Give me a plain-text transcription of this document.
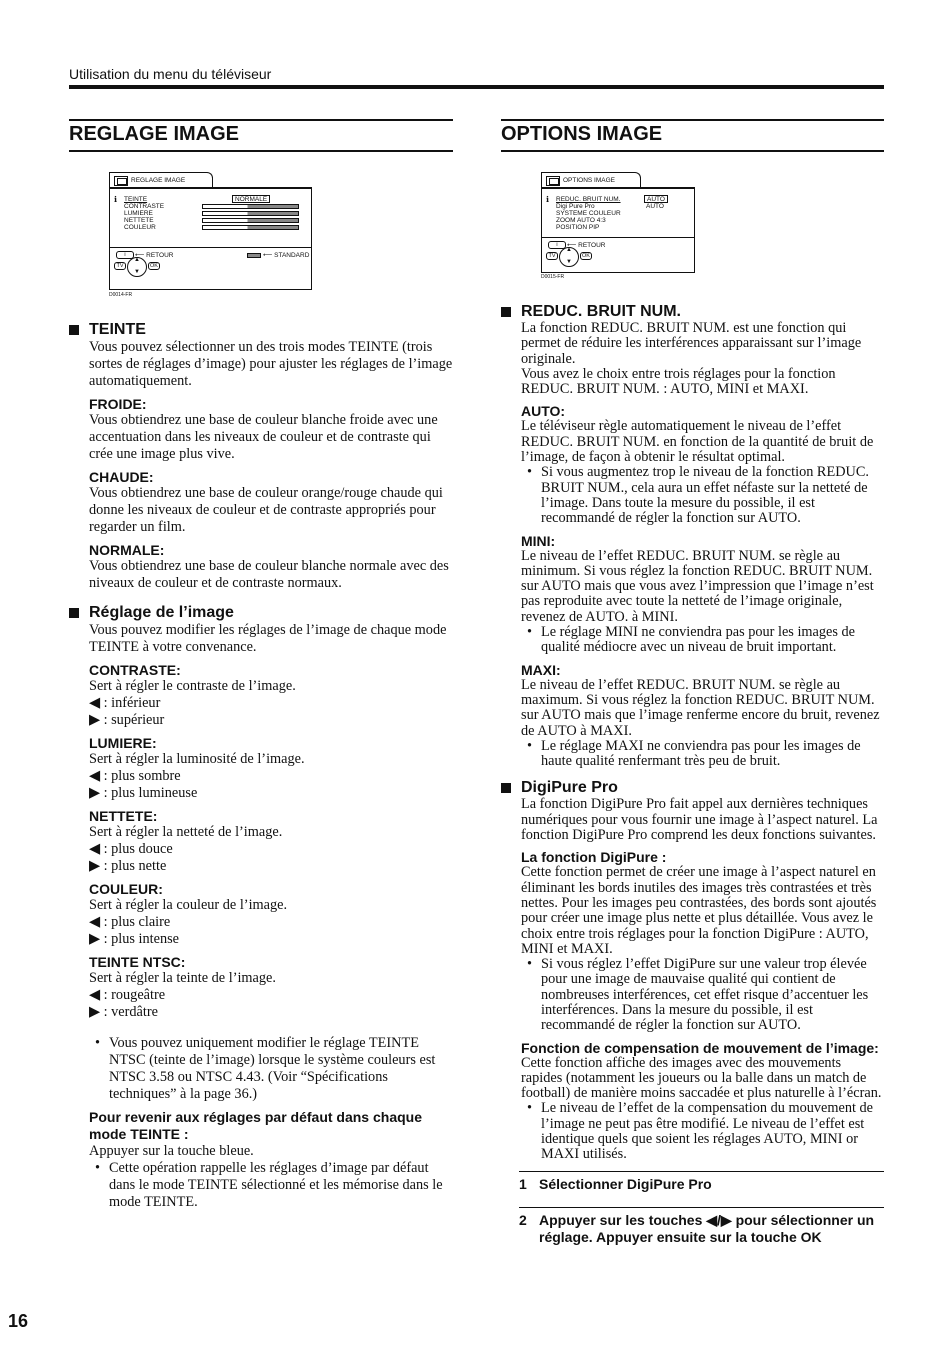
Utilisation du menu du téléviseur
REGLAGE IMAGE
REGLAGE IMAGE
ℹ TEINTE
CONTRASTE
LUMIERE
NETTETE
COULEUR
NORMALE
i	⟵ RETOUR
TV ▲ ▼	OK
⟵ STANDARD
D0014-FR
TEINTE
Vous pouvez sélectionner un des trois modes TEINTE (trois sortes de réglages d’image) pour ajuster les réglages de l’image automatiquement.
FROIDE:
Vous obtiendrez une base de couleur blanche froide avec une accentuation dans les niveaux de couleur et de contraste qui crée une image plus vive.
CHAUDE:
Vous obtiendrez une base de couleur orange/rouge chaude qui donne les niveaux de couleur et de contraste appropriés pour regarder un film.
NORMALE:
Vous obtiendrez une base de couleur blanche normale avec des niveaux de couleur et de contraste normaux.
Réglage de l’image
Vous pouvez modifier les réglages de l’image de chaque mode TEINTE à votre convenance.
CONTRASTE:
Sert à régler le contraste de l’image.
◀ : inférieur
▶ : supérieur
LUMIERE:
Sert à régler la luminosité de l’image.
◀ : plus sombre
▶ : plus lumineuse
NETTETE:
Sert à régler la netteté de l’image.
◀ : plus douce
▶ : plus nette
COULEUR:
Sert à régler la couleur de l’image.
◀ : plus claire
▶ : plus intense
TEINTE NTSC:
Sert à régler la teinte de l’image.
◀ : rougeâtre
▶ : verdâtre
• Vous pouvez uniquement modifier le réglage TEINTE NTSC (teinte de l’image) lorsque le système couleurs est NTSC 3.58 ou NTSC 4.43. (Voir “Spécifications techniques” à la page 36.)
Pour revenir aux réglages par défaut dans chaque mode TEINTE :
Appuyer sur la touche bleue.
• Cette opération rappelle les réglages d’image par défaut dans le mode TEINTE sélectionné et les mémorise dans le mode TEINTE.
OPTIONS IMAGE
OPTIONS IMAGE
ℹ REDUC. BRUIT NUM.
Digi Pure Pro
SYSTEME COULEUR
ZOOM AUTO 4:3
POSITION PIP
AUTO
AUTO
i	⟵ RETOUR
TV ▲ ▼	OK
D0015-FR
REDUC. BRUIT NUM.
La fonction REDUC. BRUIT NUM. est une fonction qui permet de réduire les interférences apparaissant sur l’image originale.
Vous avez le choix entre trois réglages pour la fonction REDUC. BRUIT NUM. : AUTO, MINI et MAXI.
AUTO:
Le téléviseur règle automatiquement le niveau de l’effet REDUC. BRUIT NUM. en fonction de la quantité de bruit de l’image, de façon à obtenir le résultat optimal.
• Si vous augmentez trop le niveau de la fonction REDUC. BRUIT NUM., cela aura un effet néfaste sur la netteté de l’image. Dans toute la mesure du possible, il est recommandé de régler la fonction sur AUTO.
MINI:
Le niveau de l’effet REDUC. BRUIT NUM. se règle au minimum. Si vous réglez la fonction REDUC. BRUIT NUM. sur AUTO mais que vous avez l’impression que l’image n’est pas reproduite avec toute la netteté de l’image originale, revenez de AUTO. à MINI.
• Le réglage MINI ne conviendra pas pour les images de qualité médiocre avec un niveau de bruit important.
MAXI:
Le niveau de l’effet REDUC. BRUIT NUM. se règle au maximum. Si vous réglez la fonction REDUC. BRUIT NUM. sur AUTO mais que l’image renferme encore du bruit, revenez de AUTO à MAXI.
• Le réglage MAXI ne conviendra pas pour les images de haute qualité renfermant très peu de bruit.
DigiPure Pro
La fonction DigiPure Pro fait appel aux dernières techniques numériques pour vous fournir une image à l’aspect naturel. La fonction DigiPure Pro comprend les deux fonctions suivantes.
La fonction DigiPure :
Cette fonction permet de créer une image à l’aspect naturel en éliminant les bords inutiles des images très contrastées et très nettes. Pour les images peu contrastées, des bords sont ajoutés pour créer une image plus nette et plus détaillée. Vous avez le choix entre trois réglages pour la fonction DigiPure : AUTO, MINI et MAXI.
• Si vous réglez l’effet DigiPure sur une valeur trop élevée pour une image de mauvaise qualité qui contient de nombreuses interférences, cet effet risque d’accentuer les interférences. Dans la mesure du possible, il est recommandé de régler la fonction sur AUTO.
Fonction de compensation de mouvement de l’image:
Cette fonction affiche des images avec des mouvements rapides (notamment les joueurs ou la balle dans un match de football) de manière moins saccadée et plus naturelle à l’écran.
• Le niveau de l’effet de la compensation du mouvement de l’image ne peut pas être modifié. Le niveau de l’effet est identique quels que soient les réglages AUTO, MINI or MAXI utilisés.
1 Sélectionner DigiPure Pro
2 Appuyer sur les touches ◀/▶ pour sélectionner un réglage. Appuyer ensuite sur la touche OK
16
